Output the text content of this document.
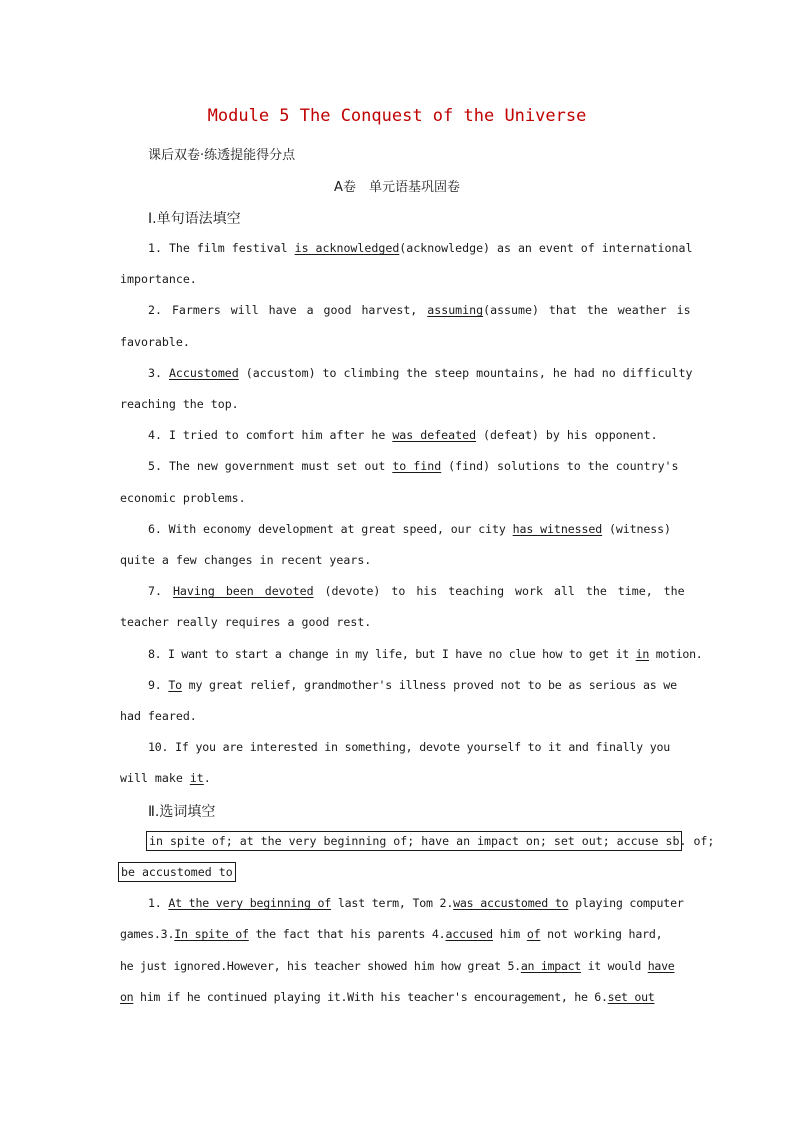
Module 5 The Conquest of the Universe
课后双卷·练透提能得分点
A卷　单元语基巩固卷
Ⅰ.单句语法填空
1. The film festival is acknowledged(acknowledge) as an event of international
importance.
2. Farmers will have a good harvest, assuming(assume) that the weather is
favorable.
3. Accustomed (accustom) to climbing the steep mountains, he had no difficulty
reaching the top.
4. I tried to comfort him after he was defeated (defeat) by his opponent.
5. The new government must set out to find (find) solutions to the country's
economic problems.
6. With economy development at great speed, our city has witnessed (witness)
quite a few changes in recent years.
7. Having been devoted (devote) to his teaching work all the time, the
teacher really requires a good rest.
8. I want to start a change in my life, but I have no clue how to get it in motion.
9. To my great relief, grandmother's illness proved not to be as serious as we
had feared.
10. If you are interested in something, devote yourself to it and finally you
will make it.
Ⅱ.选词填空
in spite of; at the very beginning of; have an impact on; set out; accuse sb. of;
be accustomed to
1. At the very beginning of last term, Tom 2.was accustomed to playing computer
games.3.In spite of the fact that his parents 4.accused him of not working hard,
he just ignored.However, his teacher showed him how great 5.an impact it would have
on him if he continued playing it.With his teacher's encouragement, he 6.set out
